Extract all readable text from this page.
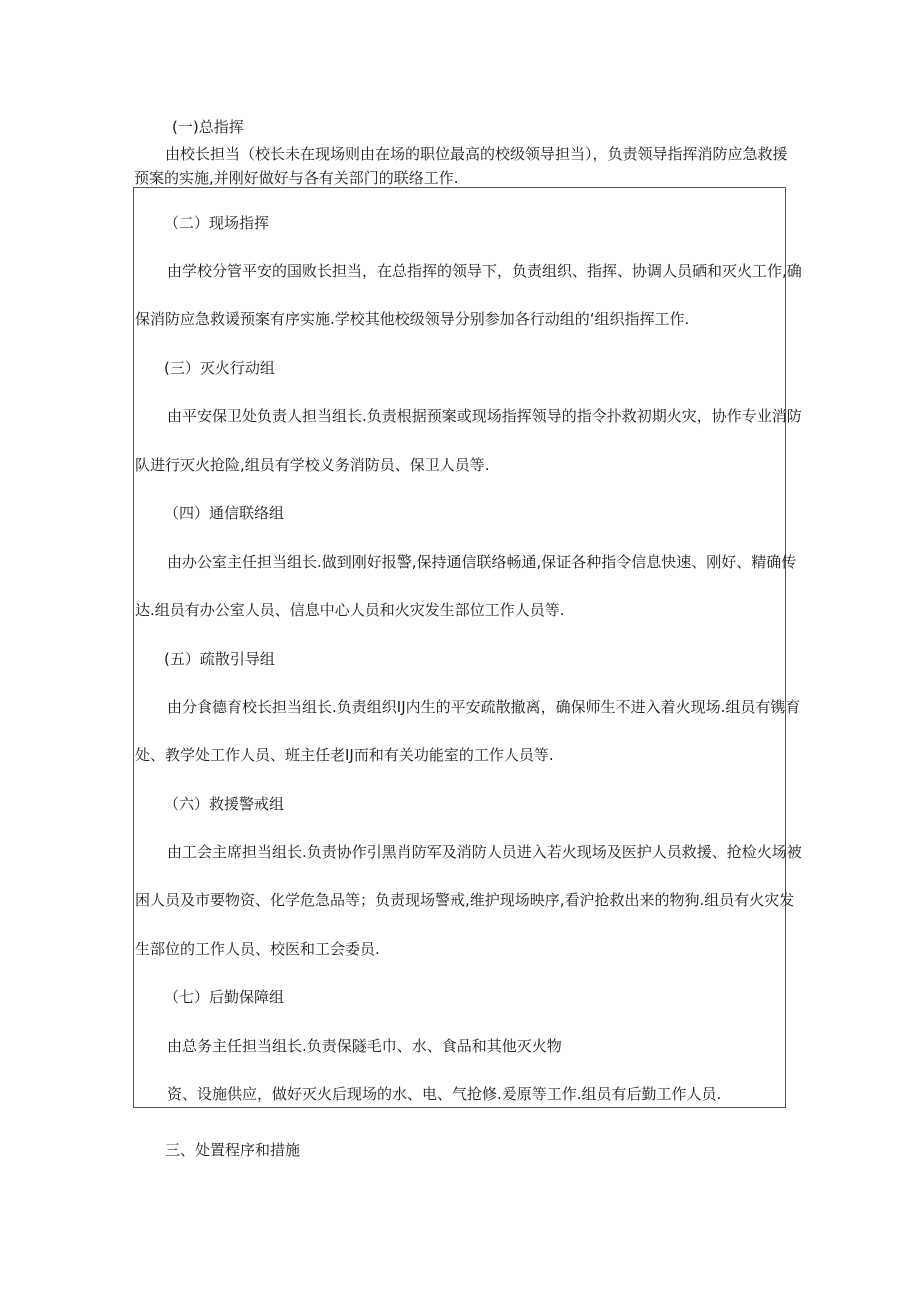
(一)总指挥
由校长担当（校长未在现场则由在场的职位最高的校级领导担当），负责领导指挥消防应急救援
预案的实施,并刚好做好与各有关部门的联络工作.
（二）现场指挥
由学校分管平安的国败长担当，在总指挥的领导下，负责组织、指挥、协调人员硒和灭火工作,确
保消防应急救谖预案有序实施.学校其他校级领导分别参加各行动组的‘组织指挥工作.
(三）灭火行动组
由平安保卫处负责人担当组长.负责根据预案或现场指挥领导的指令扑救初期火灾，协作专业消防
队进行灭火抢险,组员有学校义务消防员、保卫人员等.
（四）通信联络组
由办公室主任担当组长.做到刚好报警,保持通信联络畅通,保证各种指令信息快速、刚好、精确传
达.组员有办公室人员、信息中心人员和火灾发生部位工作人员等.
(五）疏散引导组
由分食德育校长担当组长.负责组织IJ内生的平安疏散撤离，确保师生不进入着火现场.组员有镌育
处、教学处工作人员、班主任老IJ而和有关功能室的工作人员等.
（六）救援警戒组
由工会主席担当组长.负责协作引黑肖防军及消防人员进入若火现场及医护人员救援、抢检火场被
困人员及市要物资、化学危急品等；负责现场警戒,维护现场映序,看沪抢救出来的物狗.组员有火灾发
生部位的工作人员、校医和工会委员.
（七）后勤保障组
由总务主任担当组长.负责保隧毛巾、水、食品和其他灭火物
资、设施供应，做好灭火后现场的水、电、气抢修.爰原等工作.组员有后勤工作人员.
三、处置程序和措施
